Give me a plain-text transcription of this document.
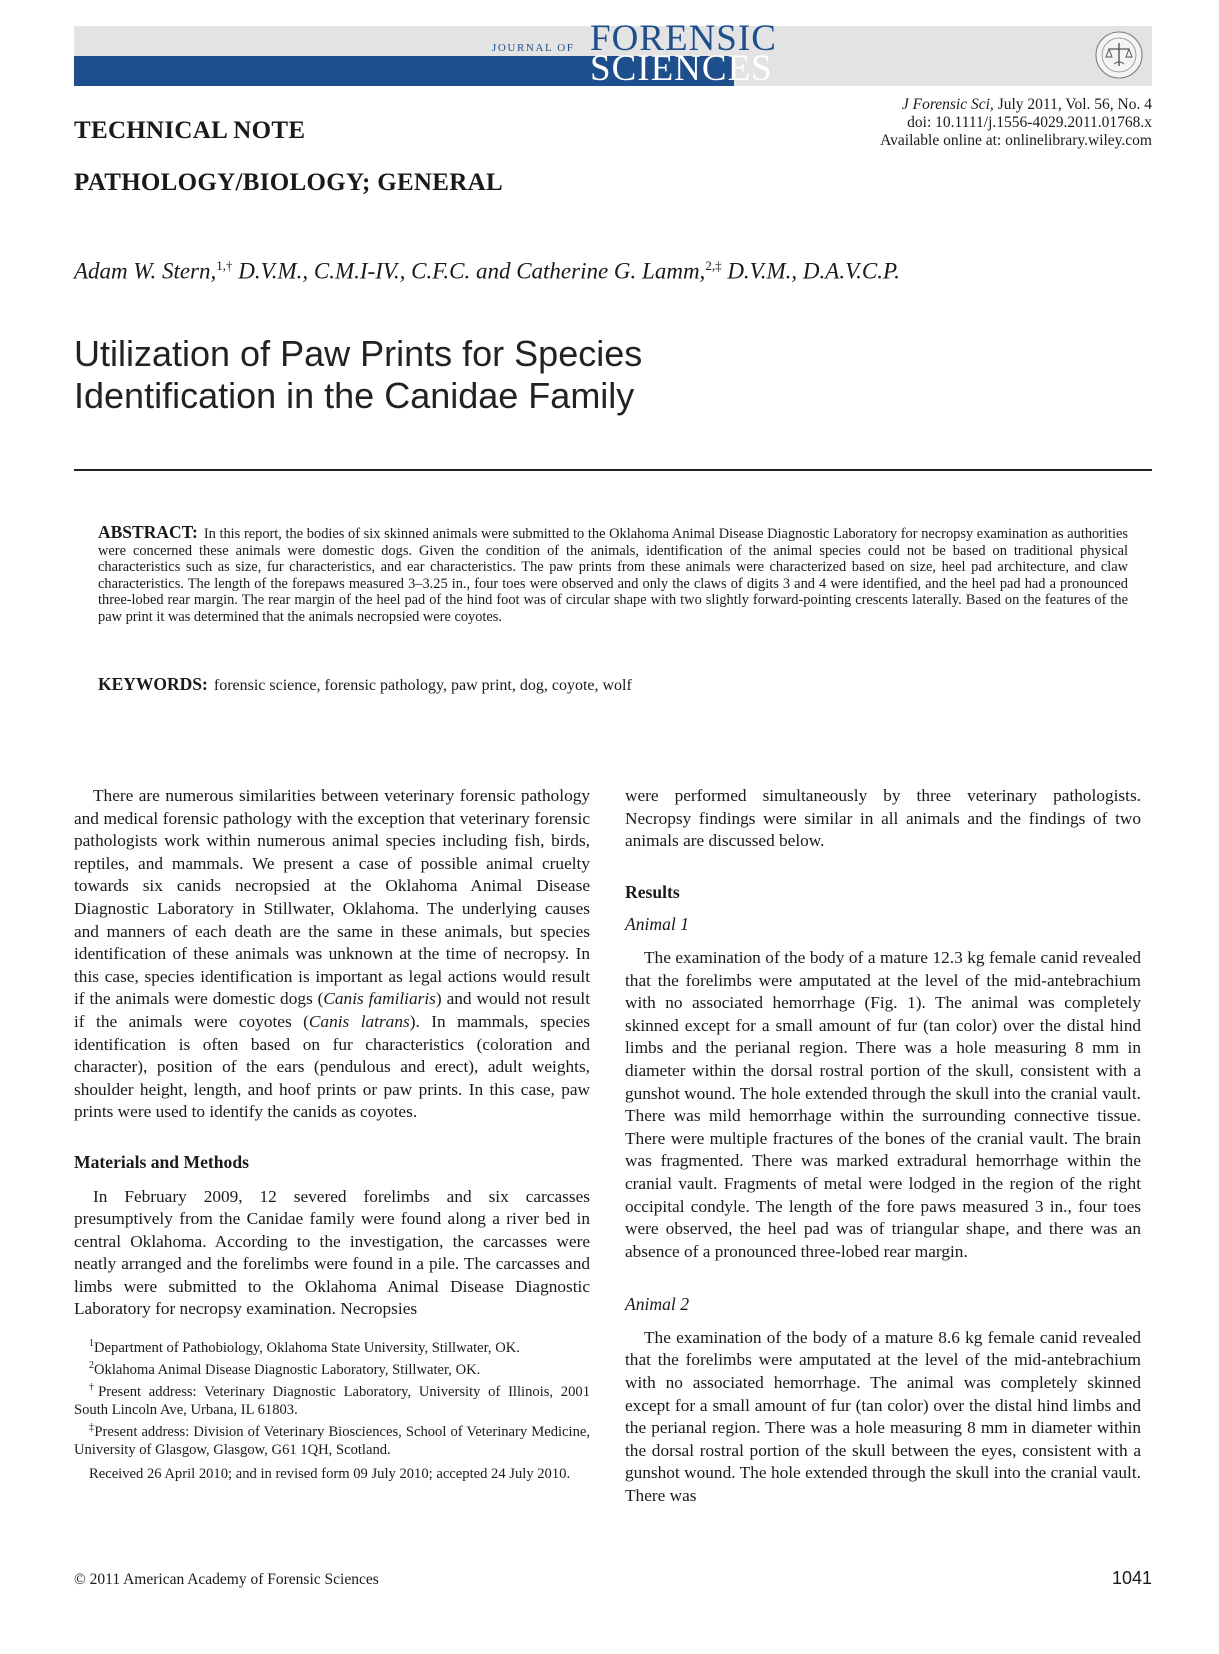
JOURNAL OF FORENSIC
SCIENCES
J Forensic Sci, July 2011, Vol. 56, No. 4
doi: 10.1111/j.1556-4029.2011.01768.x
Available online at: onlinelibrary.wiley.com
TECHNICAL NOTE
PATHOLOGY/BIOLOGY; GENERAL
Adam W. Stern,$^{1,\dagger}$ D.V.M., C.M.I-IV., C.F.C. and Catherine G. Lamm,$^{2,\ddagger}$ D.V.M., D.A.V.C.P.
Utilization of Paw Prints for Species
Identification in the Canidae Family
ABSTRACT: In this report, the bodies of six skinned animals were submitted to the Oklahoma Animal Disease Diagnostic Laboratory for necropsy examination as authorities were concerned these animals were domestic dogs. Given the condition of the animals, identification of the animal species could not be based on traditional physical characteristics such as size, fur characteristics, and ear characteristics. The paw prints from these animals were characterized based on size, heel pad architecture, and claw characteristics. The length of the forepaws measured 3–3.25 in., four toes were observed and only the claws of digits 3 and 4 were identified, and the heel pad had a pronounced three-lobed rear margin. The rear margin of the heel pad of the hind foot was of circular shape with two slightly forward-pointing crescents laterally. Based on the features of the paw print it was determined that the animals necropsied were coyotes.
KEYWORDS: forensic science, forensic pathology, paw print, dog, coyote, wolf

There are numerous similarities between veterinary forensic pathology and medical forensic pathology with the exception that veterinary forensic pathologists work within numerous animal species including fish, birds, reptiles, and mammals. We present a case of possible animal cruelty towards six canids necropsied at the Oklahoma Animal Disease Diagnostic Laboratory in Stillwater, Oklahoma. The underlying causes and manners of each death are the same in these animals, but species identification of these animals was unknown at the time of necropsy. In this case, species identification is important as legal actions would result if the animals were domestic dogs (Canis familiaris) and would not result if the animals were coyotes (Canis latrans). In mammals, species identification is often based on fur characteristics (coloration and character), position of the ears (pendulous and erect), adult weights, shoulder height, length, and hoof prints or paw prints. In this case, paw prints were used to identify the canids as coyotes.

Materials and Methods

In February 2009, 12 severed forelimbs and six carcasses presumptively from the Canidae family were found along a river bed in central Oklahoma. According to the investigation, the carcasses were neatly arranged and the forelimbs were found in a pile. The carcasses and limbs were submitted to the Oklahoma Animal Disease Diagnostic Laboratory for necropsy examination. Necropsies

$^1$Department of Pathobiology, Oklahoma State University, Stillwater, OK.

$^2$Oklahoma Animal Disease Diagnostic Laboratory, Stillwater, OK.

†Present address: Veterinary Diagnostic Laboratory, University of Illinois, 2001 South Lincoln Ave, Urbana, IL 61803.

‡Present address: Division of Veterinary Biosciences, School of Veterinary Medicine, University of Glasgow, Glasgow, G61 1QH, Scotland.

Received 26 April 2010; and in revised form 09 July 2010; accepted 24 July 2010.

were performed simultaneously by three veterinary pathologists. Necropsy findings were similar in all animals and the findings of two animals are discussed below.

Results
Animal 1

The examination of the body of a mature 12.3 kg female canid revealed that the forelimbs were amputated at the level of the mid-antebrachium with no associated hemorrhage (Fig. 1). The animal was completely skinned except for a small amount of fur (tan color) over the distal hind limbs and the perianal region. There was a hole measuring 8 mm in diameter within the dorsal rostral portion of the skull, consistent with a gunshot wound. The hole extended through the skull into the cranial vault. There was mild hemorrhage within the surrounding connective tissue. There were multiple fractures of the bones of the cranial vault. The brain was fragmented. There was marked extradural hemorrhage within the cranial vault. Fragments of metal were lodged in the region of the right occipital condyle. The length of the fore paws measured 3 in., four toes were observed, the heel pad was of triangular shape, and there was an absence of a pronounced three-lobed rear margin.

Animal 2

The examination of the body of a mature 8.6 kg female canid revealed that the forelimbs were amputated at the level of the mid-antebrachium with no associated hemorrhage. The animal was completely skinned except for a small amount of fur (tan color) over the distal hind limbs and the perianal region. There was a hole measuring 8 mm in diameter within the dorsal rostral portion of the skull between the eyes, consistent with a gunshot wound. The hole extended through the skull into the cranial vault. There was

© 2011 American Academy of Forensic Sciences	1041
